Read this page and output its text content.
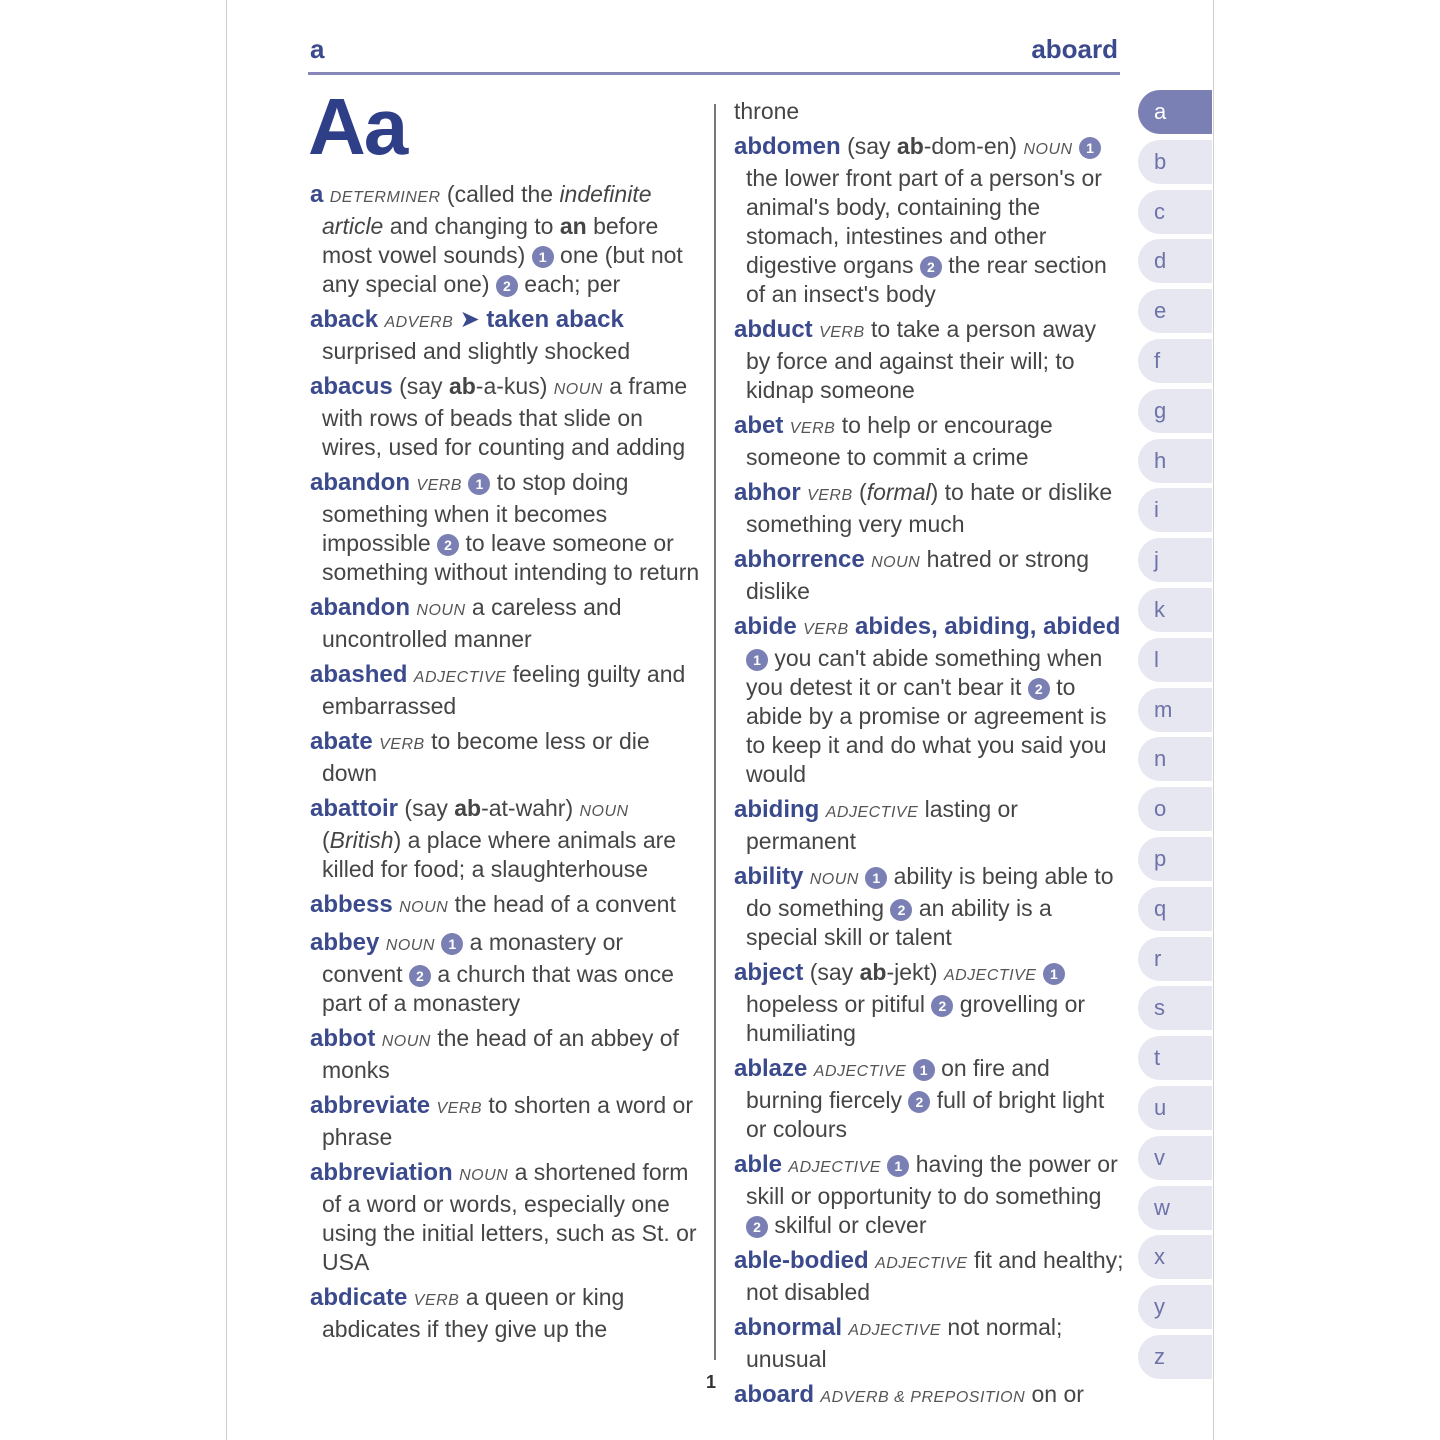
a	aboard
Aa
a DETERMINER (called the indefinite article and changing to an before most vowel sounds) 1 one (but not any special one) 2 each; per
aback ADVERB ➤ taken aback surprised and slightly shocked
abacus (say ab-a-kus) NOUN a frame with rows of beads that slide on wires, used for counting and adding
abandon VERB 1 to stop doing something when it becomes impossible 2 to leave someone or something without intending to return
abandon NOUN a careless and uncontrolled manner
abashed ADJECTIVE feeling guilty and embarrassed
abate VERB to become less or die down
abattoir (say ab-at-wahr) NOUN (British) a place where animals are killed for food; a slaughterhouse
abbess NOUN the head of a convent
abbey NOUN 1 a monastery or convent 2 a church that was once part of a monastery
abbot NOUN the head of an abbey of monks
abbreviate VERB to shorten a word or phrase
abbreviation NOUN a shortened form of a word or words, especially one using the initial letters, such as St. or USA
abdicate VERB a queen or king abdicates if they give up the
throne
abdomen (say ab-dom-en) NOUN 1 the lower front part of a person's or animal's body, containing the stomach, intestines and other digestive organs 2 the rear section of an insect's body
abduct VERB to take a person away by force and against their will; to kidnap someone
abet VERB to help or encourage someone to commit a crime
abhor VERB (formal) to hate or dislike something very much
abhorrence NOUN hatred or strong dislike
abide VERB abides, abiding, abided 1 you can't abide something when you detest it or can't bear it 2 to abide by a promise or agreement is to keep it and do what you said you would
abiding ADJECTIVE lasting or permanent
ability NOUN 1 ability is being able to do something 2 an ability is a special skill or talent
abject (say ab-jekt) ADJECTIVE 1 hopeless or pitiful 2 grovelling or humiliating
ablaze ADJECTIVE 1 on fire and burning fiercely 2 full of bright light or colours
able ADJECTIVE 1 having the power or skill or opportunity to do something 2 skilful or clever
able-bodied ADJECTIVE fit and healthy; not disabled
abnormal ADJECTIVE not normal; unusual
aboard ADVERB & PREPOSITION on or
1
a
b
c
d
e
f
g
h
i
j
k
l
m
n
o
p
q
r
s
t
u
v
w
x
y
z
